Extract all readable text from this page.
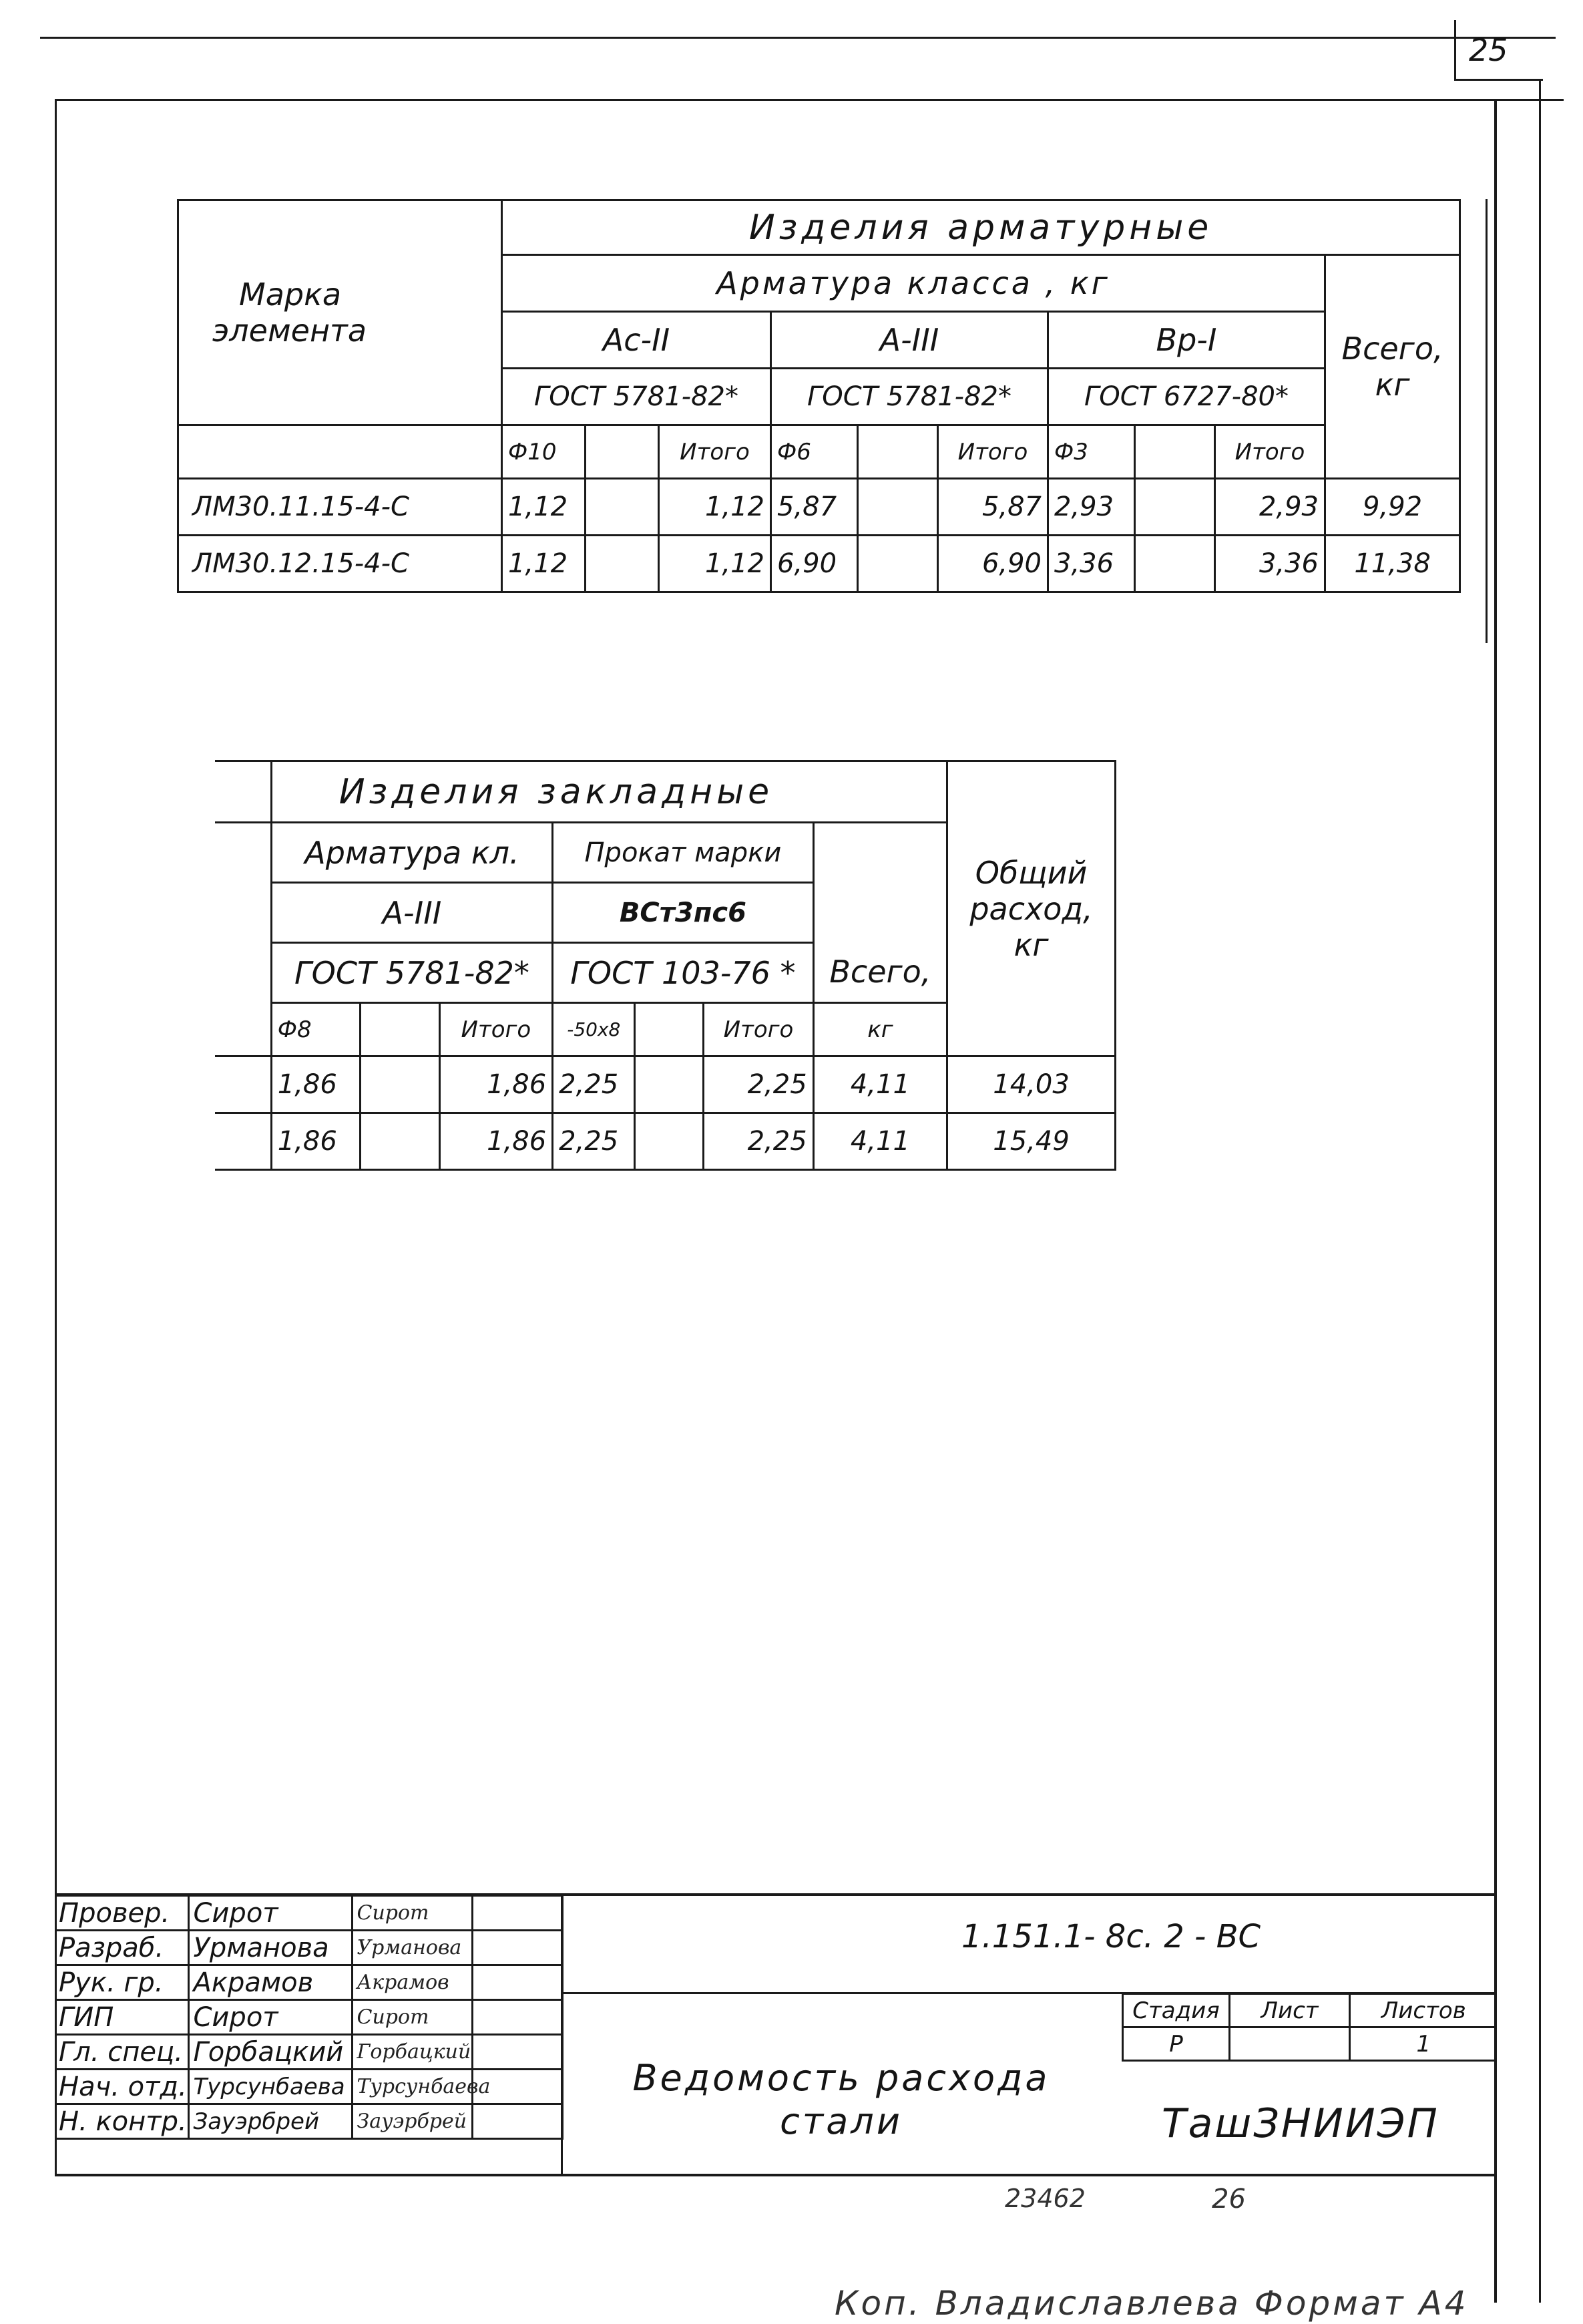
25
Марка
элемента	Изделия арматурные									
	Арматура класса , кг									Всего,
кг

	Ас-II			А-III			Вр-I			
	ГОСТ 5781-82*			ГОСТ 5781-82*			ГОСТ 6727-80*			
	Ф10		Итого	Ф6		Итого	Ф3		Итого	
ЛМ30.11.15-4-С	1,12		1,12	5,87		5,87	2,93		2,93	9,92
ЛМ30.12.15-4-С	1,12		1,12	6,90		6,90	3,36		3,36	11,38
	Изделия закладные							Общий
расход,
кг

	Арматура кл.			Прокат марки			Всего,	
	А-III			ВСт3пс6				
	ГОСТ 5781-82*			ГОСТ 103-76 *				
	Ф8		Итого	-50х8		Итого	кг	
	1,86		1,86	2,25		2,25	4,11	14,03
	1,86		1,86	2,25		2,25	4,11	15,49
Провер.	Сирот	Сирот	
Разраб.	Урманова	Урманова	
Рук. гр.	Акрамов	Акрамов	
ГИП	Сирот	Сирот	
Гл. спец.	Горбацкий	Горбацкий	
Нач. отд.	Турсунбаева	Турсунбаева	
Н. контр.	Зауэрбрей	Зауэрбрей	
1.151.1- 8с. 2 - ВС
Ведомость расхода
стали
Стадия	Лист	Листов
Р		1
ТашЗНИИЭП
23462	26
Коп. Владиславлева Формат А4
